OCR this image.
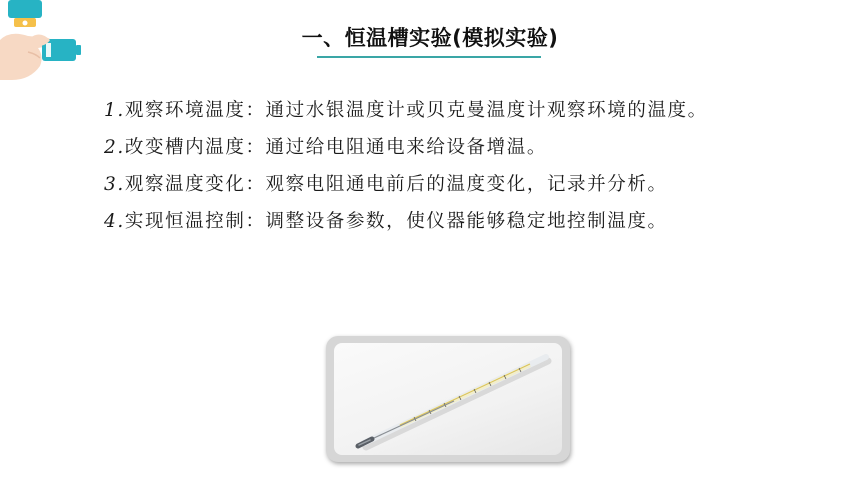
一、恒温槽实验(模拟实验)

1.观察环境温度：通过水银温度计或贝克曼温度计观察环境的温度。

2.改变槽内温度：通过给电阻通电来给设备增温。

3.观察温度变化：观察电阻通电前后的温度变化，记录并分析。

4.实现恒温控制：调整设备参数，使仪器能够稳定地控制温度。
